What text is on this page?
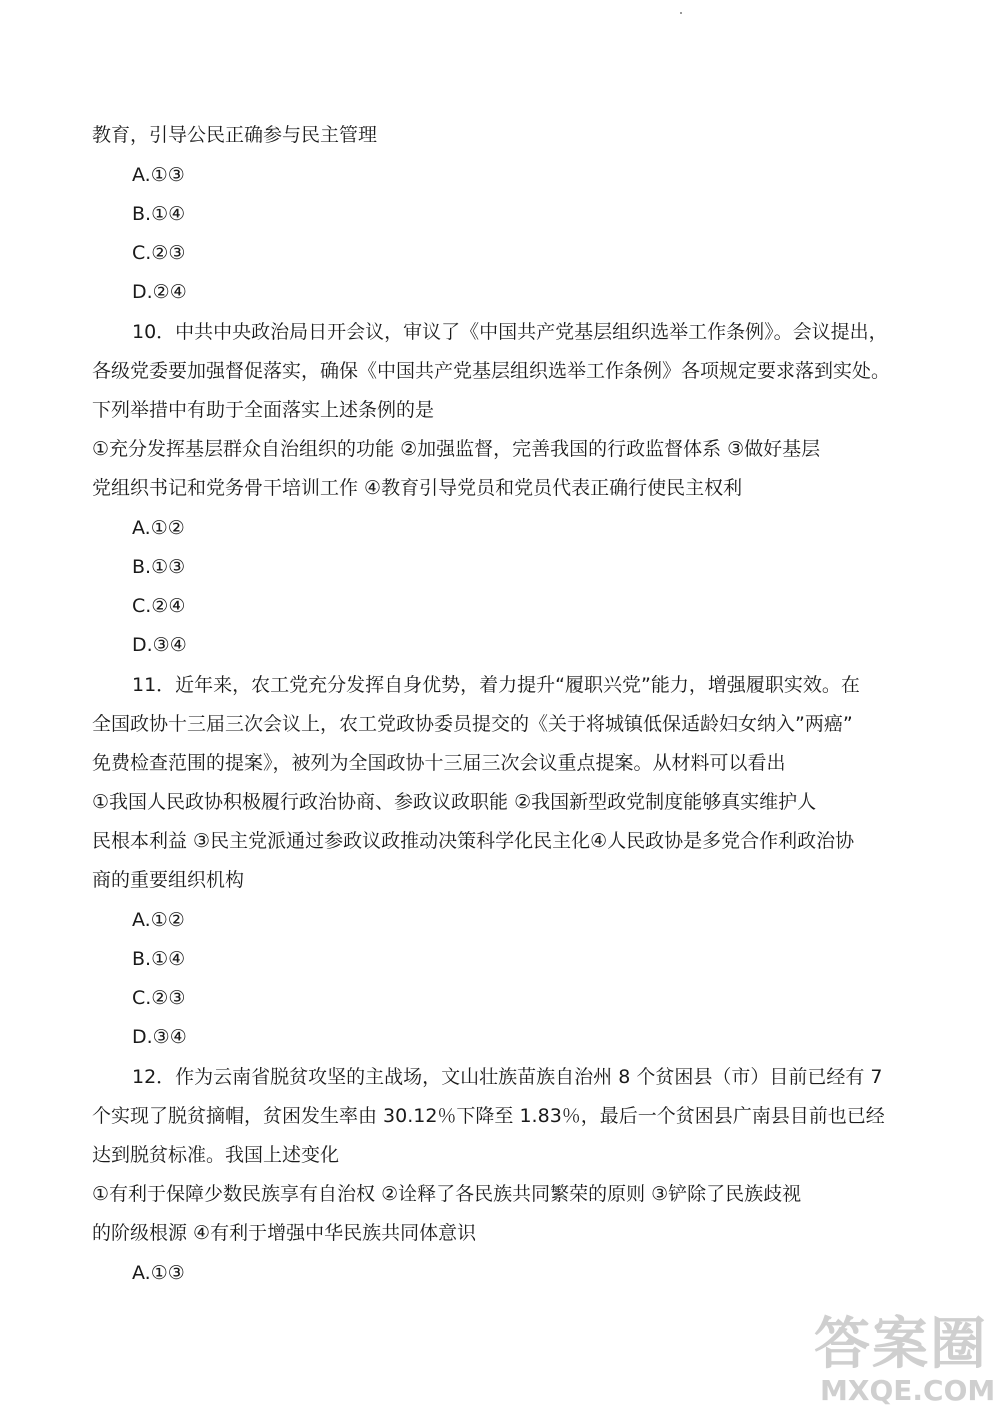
教育，引导公民正确参与民主管理
A.①③
B.①④
C.②③
D.②④
10．中共中央政治局日开会议，审议了《中国共产党基层组织选举工作条例》。会议提出，
各级党委要加强督促落实，确保《中国共产党基层组织选举工作条例》各项规定要求落到实处。
下列举措中有助于全面落实上述条例的是
①充分发挥基层群众自治组织的功能 ②加强监督，完善我国的行政监督体系 ③做好基层
党组织书记和党务骨干培训工作 ④教育引导党员和党员代表正确行使民主权利
A.①②
B.①③
C.②④
D.③④
11．近年来，农工党充分发挥自身优势，着力提升“履职兴党”能力，增强履职实效。在
全国政协十三届三次会议上，农工党政协委员提交的《关于将城镇低保适龄妇女纳入”两癌”
免费检查范围的提案》，被列为全国政协十三届三次会议重点提案。从材料可以看出
①我国人民政协积极履行政治协商、参政议政职能 ②我国新型政党制度能够真实维护人
民根本利益 ③民主党派通过参政议政推动决策科学化民主化④人民政协是多党合作利政治协
商的重要组织机构
A.①②
B.①④
C.②③
D.③④
12．作为云南省脱贫攻坚的主战场，文山壮族苗族自治州 8 个贫困县（市）目前已经有 7
个实现了脱贫摘帽，贫困发生率由 30.12％下降至 1.83％，最后一个贫困县广南县目前也已经
达到脱贫标准。我国上述变化
①有利于保障少数民族享有自治权 ②诠释了各民族共同繁荣的原则 ③铲除了民族歧视
的阶级根源 ④有利于增强中华民族共同体意识
A.①③
答案圈
MXQE.COM
